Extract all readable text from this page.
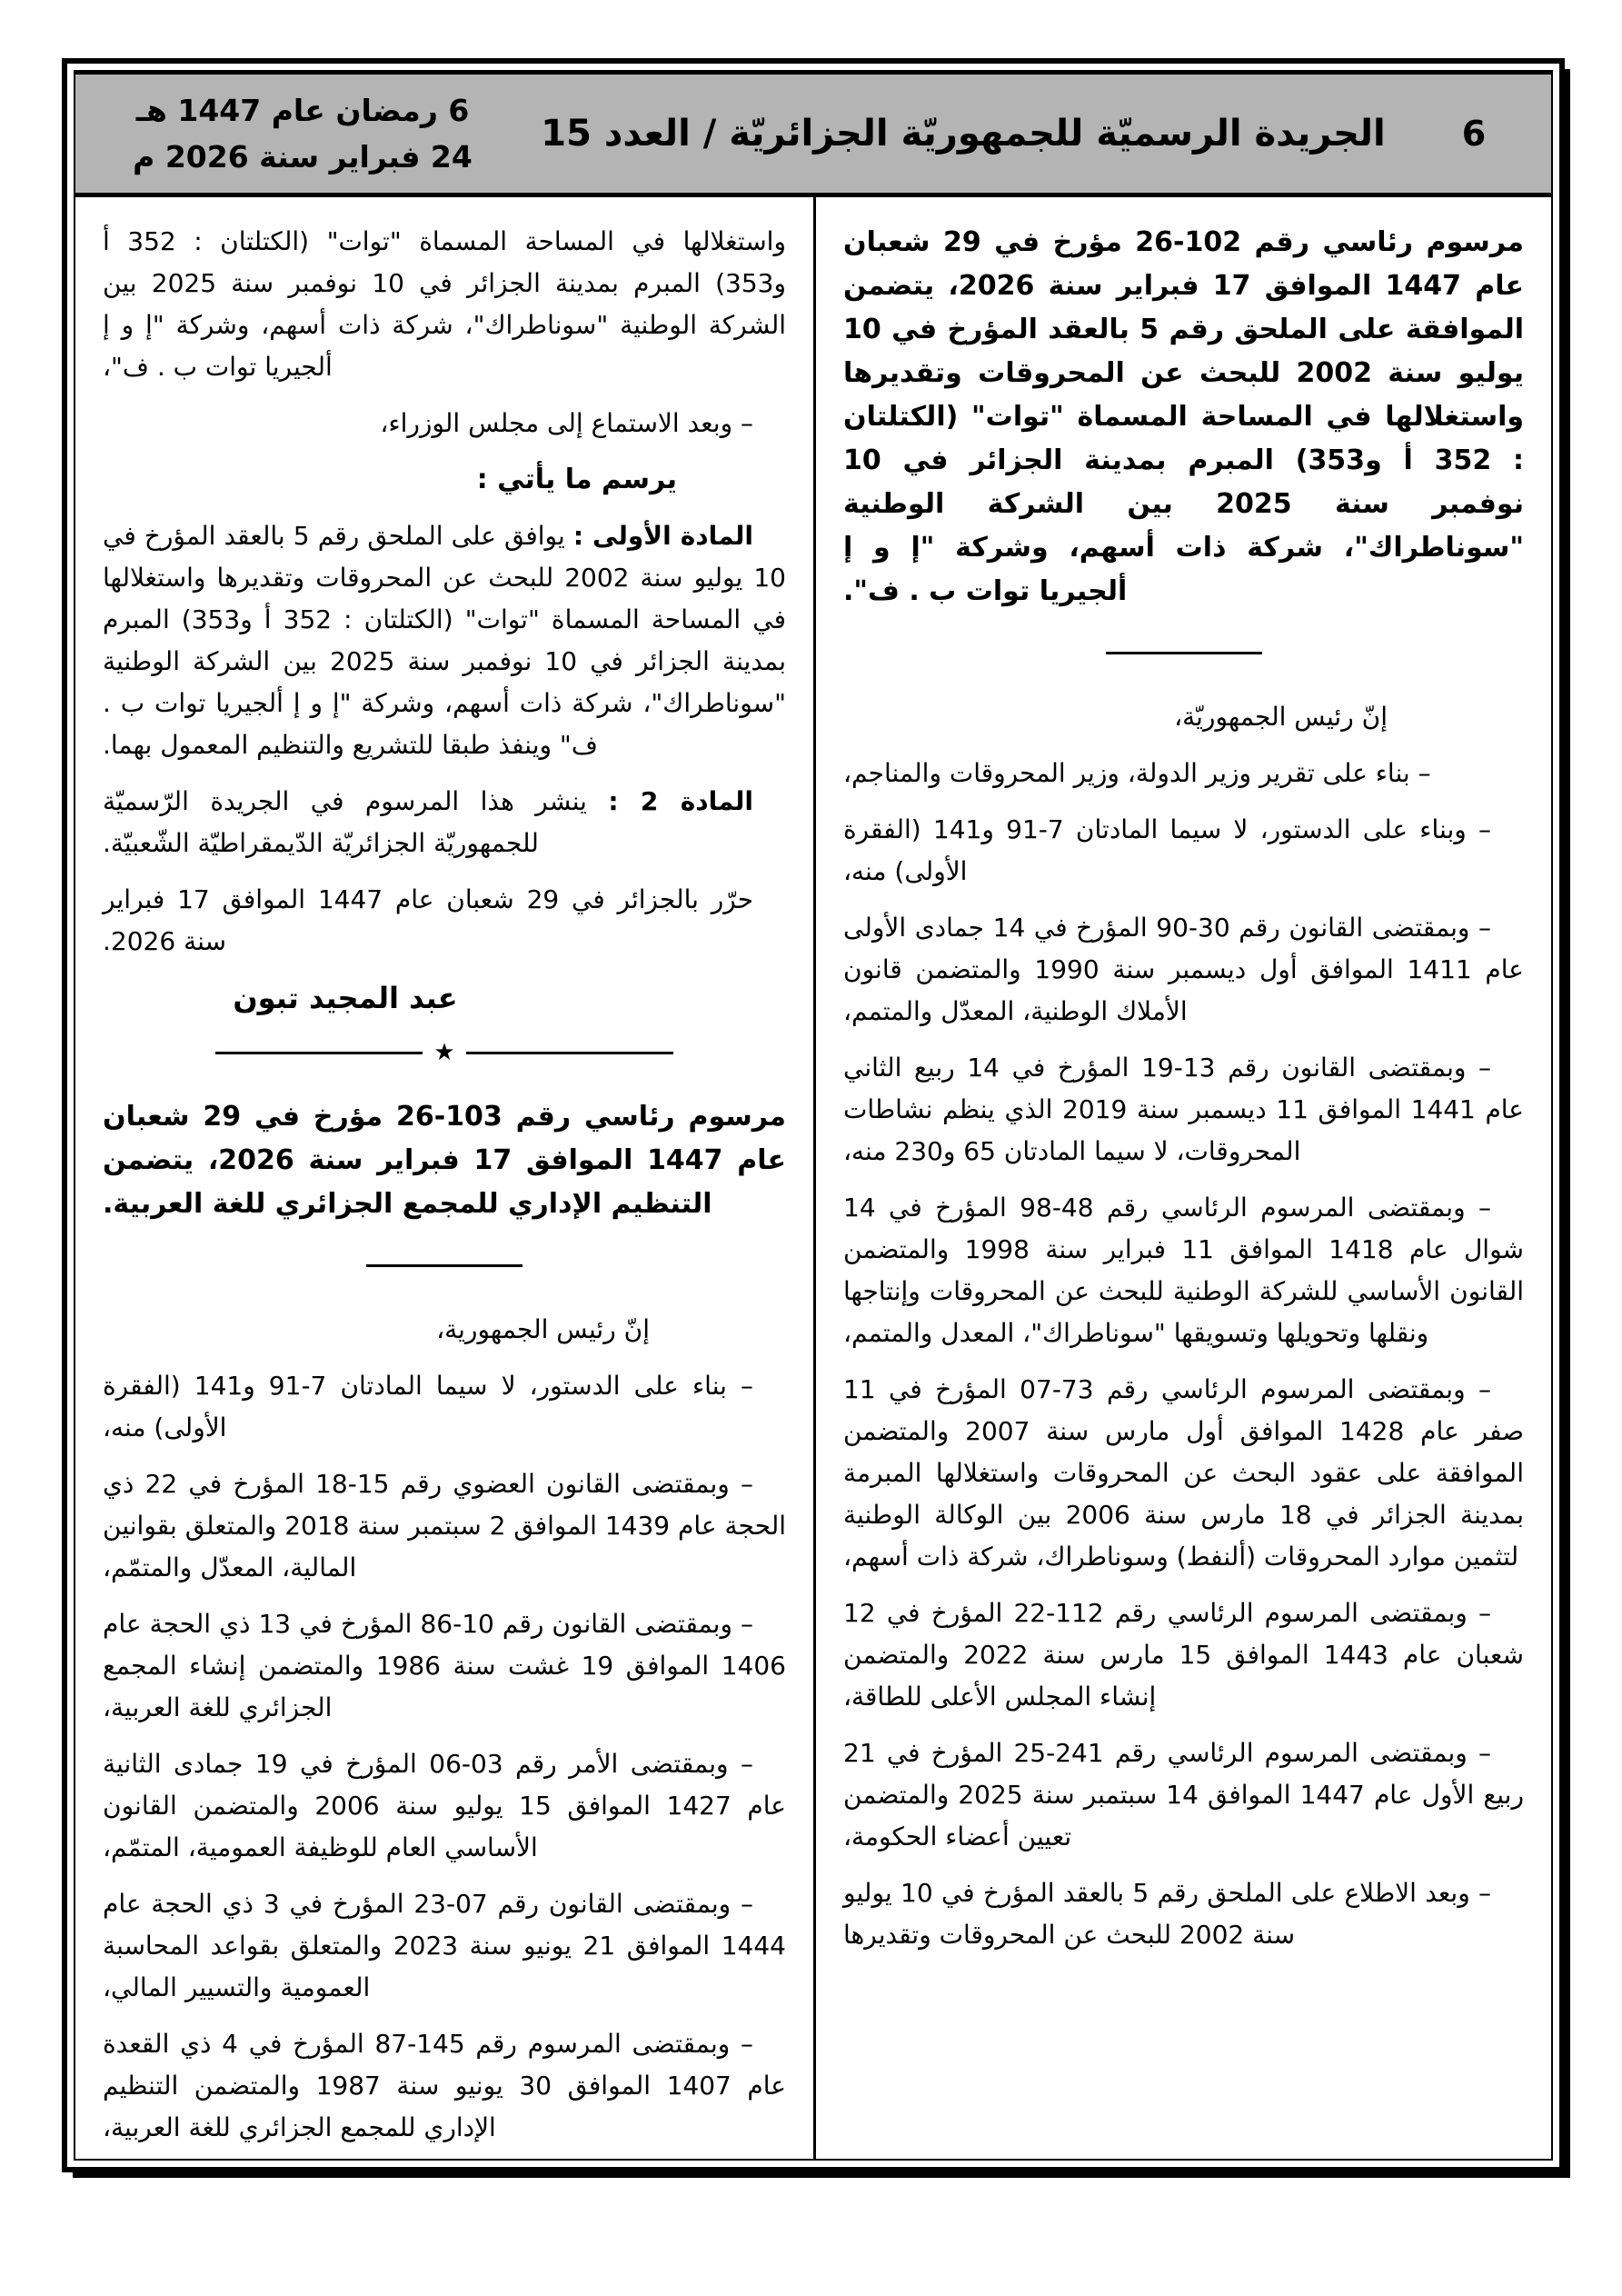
6
الجريدة الرسميّة للجمهوريّة الجزائريّة / العدد 15
6 رمضان عام 1447 هـ
24 فبراير سنة 2026 م

مرسوم رئاسي رقم 102-26 مؤرخ في 29 شعبان عام 1447 الموافق 17 فبراير سنة 2026، يتضمن الموافقة على الملحق رقم 5 بالعقد المؤرخ في 10 يوليو سنة 2002 للبحث عن المحروقات وتقديرها واستغلالها في المساحة المسماة "توات" (الكتلتان : 352 أ و353) المبرم بمدينة الجزائر في 10 نوفمبر سنة 2025 بين الشركة الوطنية "سوناطراك"، شركة ذات أسهم، وشركة "إ و إ ألجيريا توات ب . ف".

إنّ رئيس الجمهوريّة،

– بناء على تقرير وزير الدولة، وزير المحروقات والمناجم،

– وبناء على الدستور، لا سيما المادتان 7-91 و141 (الفقرة الأولى) منه،

– وبمقتضى القانون رقم 30-90 المؤرخ في 14 جمادى الأولى عام 1411 الموافق أول ديسمبر سنة 1990 والمتضمن قانون الأملاك الوطنية، المعدّل والمتمم،

– وبمقتضى القانون رقم 13-19 المؤرخ في 14 ربيع الثاني عام 1441 الموافق 11 ديسمبر سنة 2019 الذي ينظم نشاطات المحروقات، لا سيما المادتان 65 و230 منه،

– وبمقتضى المرسوم الرئاسي رقم 48-98 المؤرخ في 14 شوال عام 1418 الموافق 11 فبراير سنة 1998 والمتضمن القانون الأساسي للشركة الوطنية للبحث عن المحروقات وإنتاجها ونقلها وتحويلها وتسويقها "سوناطراك"، المعدل والمتمم،

– وبمقتضى المرسوم الرئاسي رقم 73-07 المؤرخ في 11 صفر عام 1428 الموافق أول مارس سنة 2007 والمتضمن الموافقة على عقود البحث عن المحروقات واستغلالها المبرمة بمدينة الجزائر في 18 مارس سنة 2006 بين الوكالة الوطنية لتثمين موارد المحروقات (ألنفط) وسوناطراك، شركة ذات أسهم،

– وبمقتضى المرسوم الرئاسي رقم 112-22 المؤرخ في 12 شعبان عام 1443 الموافق 15 مارس سنة 2022 والمتضمن إنشاء المجلس الأعلى للطاقة،

– وبمقتضى المرسوم الرئاسي رقم 241-25 المؤرخ في 21 ربيع الأول عام 1447 الموافق 14 سبتمبر سنة 2025 والمتضمن تعيين أعضاء الحكومة،

– وبعد الاطلاع على الملحق رقم 5 بالعقد المؤرخ في 10 يوليو سنة 2002 للبحث عن المحروقات وتقديرها

واستغلالها في المساحة المسماة "توات" (الكتلتان : 352 أ و353) المبرم بمدينة الجزائر في 10 نوفمبر سنة 2025 بين الشركة الوطنية "سوناطراك"، شركة ذات أسهم، وشركة "إ و إ ألجيريا توات ب . ف"،

– وبعد الاستماع إلى مجلس الوزراء،

يرسم ما يأتي :

المادة الأولى : يوافق على الملحق رقم 5 بالعقد المؤرخ في 10 يوليو سنة 2002 للبحث عن المحروقات وتقديرها واستغلالها في المساحة المسماة "توات" (الكتلتان : 352 أ و353) المبرم بمدينة الجزائر في 10 نوفمبر سنة 2025 بين الشركة الوطنية "سوناطراك"، شركة ذات أسهم، وشركة "إ و إ ألجيريا توات ب . ف" وينفذ طبقا للتشريع والتنظيم المعمول بهما.

المادة 2 : ينشر هذا المرسوم في الجريدة الرّسميّة للجمهوريّة الجزائريّة الدّيمقراطيّة الشّعبيّة.

حرّر بالجزائر في 29 شعبان عام 1447 الموافق 17 فبراير سنة 2026.

عبد المجيد تبون

★

مرسوم رئاسي رقم 103-26 مؤرخ في 29 شعبان عام 1447 الموافق 17 فبراير سنة 2026، يتضمن التنظيم الإداري للمجمع الجزائري للغة العربية.

إنّ رئيس الجمهورية،

– بناء على الدستور، لا سيما المادتان 7-91 و141 (الفقرة الأولى) منه،

– وبمقتضى القانون العضوي رقم 15-18 المؤرخ في 22 ذي الحجة عام 1439 الموافق 2 سبتمبر سنة 2018 والمتعلق بقوانين المالية، المعدّل والمتمّم،

– وبمقتضى القانون رقم 10-86 المؤرخ في 13 ذي الحجة عام 1406 الموافق 19 غشت سنة 1986 والمتضمن إنشاء المجمع الجزائري للغة العربية،

– وبمقتضى الأمر رقم 03-06 المؤرخ في 19 جمادى الثانية عام 1427 الموافق 15 يوليو سنة 2006 والمتضمن القانون الأساسي العام للوظيفة العمومية، المتمّم،

– وبمقتضى القانون رقم 07-23 المؤرخ في 3 ذي الحجة عام 1444 الموافق 21 يونيو سنة 2023 والمتعلق بقواعد المحاسبة العمومية والتسيير المالي،

– وبمقتضى المرسوم رقم 145-87 المؤرخ في 4 ذي القعدة عام 1407 الموافق 30 يونيو سنة 1987 والمتضمن التنظيم الإداري للمجمع الجزائري للغة العربية،
